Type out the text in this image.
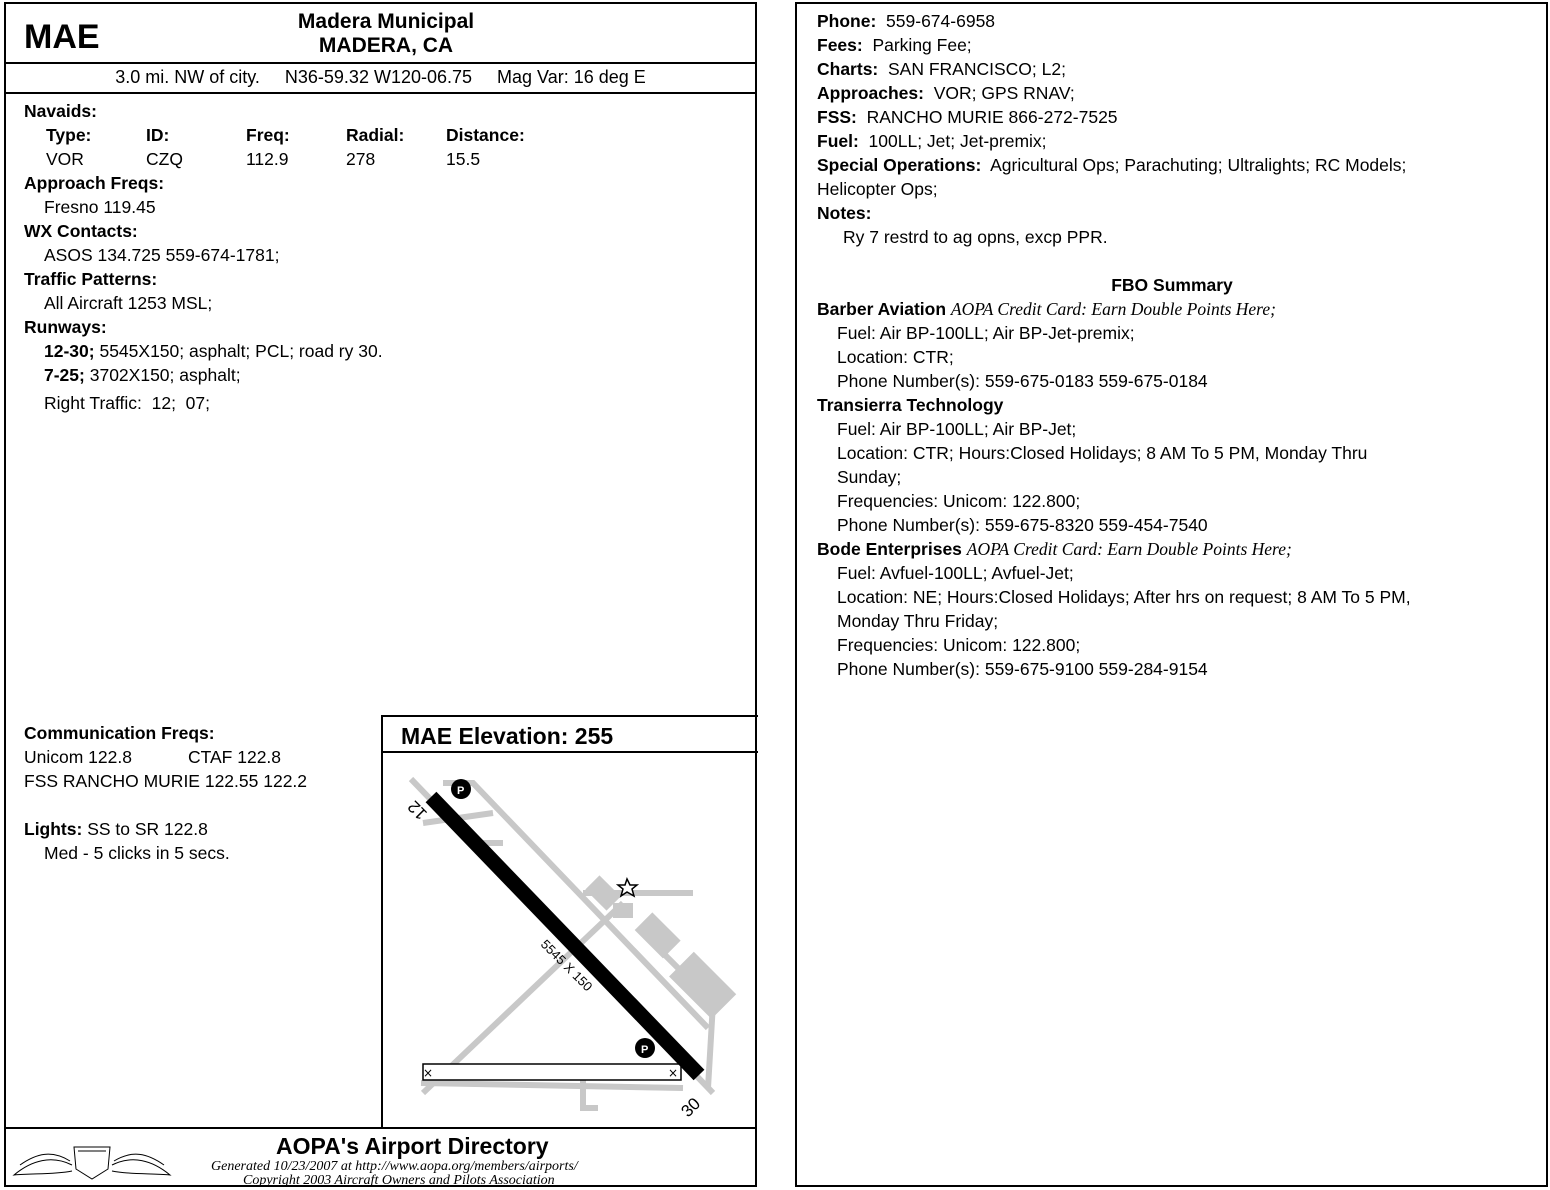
MAE	Madera Municipal
MADERA, CA
3.0 mi. NW of city. N36-59.32 W120-06.75 Mag Var: 16 deg E
Navaids:
Type:	ID:	Freq:	Radial: Distance:
VOR	CZQ	112.9	278	15.5
Approach Freqs:
Fresno 119.45
WX Contacts:
ASOS 134.725 559-674-1781;
Traffic Patterns:
All Aircraft 1253 MSL;
Runways:
12-30; 5545X150; asphalt; PCL; road ry 30.
7-25; 3702X150; asphalt;
Right Traffic:  12;  07;
Communication Freqs:
Unicom 122.8	CTAF 122.8
FSS RANCHO MURIE 122.55 122.2
Lights: SS to SR 122.8
Med - 5 clicks in 5 secs.
MAE Elevation: 255
×	×
P
P
12
30
5545 X 150
AOPA's Airport Directory
Generated 10/23/2007 at http://www.aopa.org/members/airports/
Copyright 2003 Aircraft Owners and Pilots Association
Phone: 559-674-6958
Fees: Parking Fee;
Charts: SAN FRANCISCO; L2;
Approaches: VOR; GPS RNAV;
FSS: RANCHO MURIE 866-272-7525
Fuel: 100LL; Jet; Jet-premix;
Special Operations: Agricultural Ops; Parachuting; Ultralights; RC Models;
Helicopter Ops;
Notes:
Ry 7 restrd to ag opns, excp PPR.
FBO Summary
Barber Aviation AOPA Credit Card: Earn Double Points Here;
Fuel: Air BP-100LL; Air BP-Jet-premix;
Location: CTR;
Phone Number(s): 559-675-0183 559-675-0184
Transierra Technology
Fuel: Air BP-100LL; Air BP-Jet;
Location: CTR; Hours:Closed Holidays; 8 AM To 5 PM, Monday Thru
Sunday;
Frequencies: Unicom: 122.800;
Phone Number(s): 559-675-8320 559-454-7540
Bode Enterprises AOPA Credit Card: Earn Double Points Here;
Fuel: Avfuel-100LL; Avfuel-Jet;
Location: NE; Hours:Closed Holidays; After hrs on request; 8 AM To 5 PM,
Monday Thru Friday;
Frequencies: Unicom: 122.800;
Phone Number(s): 559-675-9100 559-284-9154
